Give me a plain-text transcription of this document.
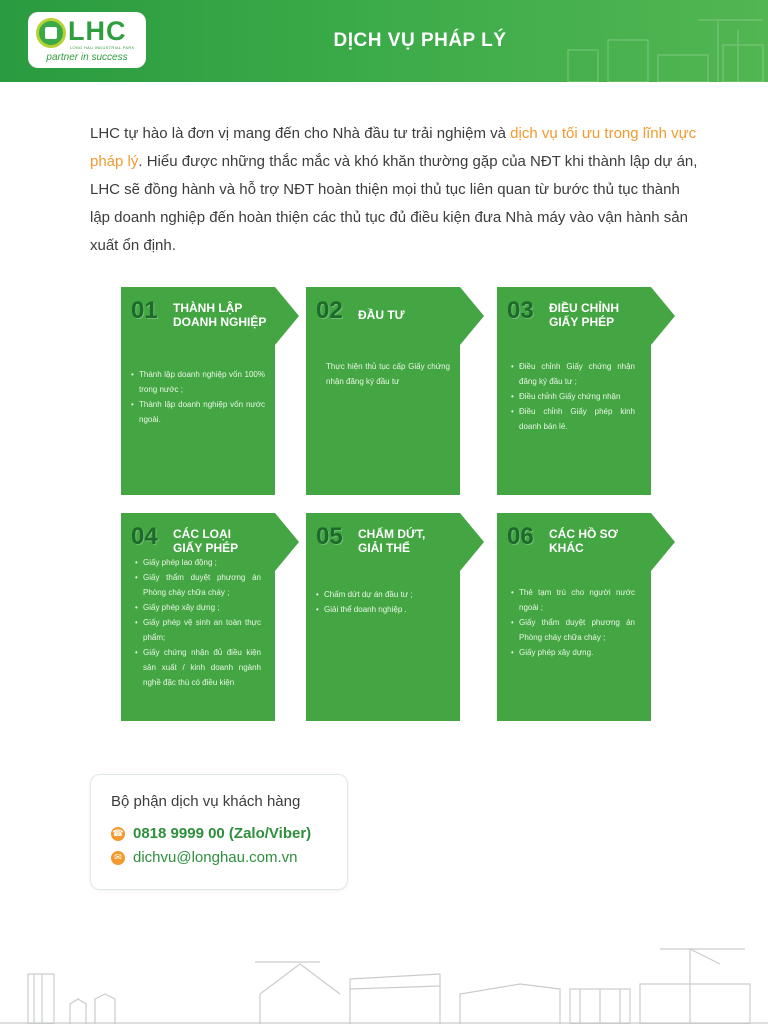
LHC
LONG HAU INDUSTRIAL PARK
partner in success
DỊCH VỤ PHÁP LÝ
LHC tự hào là đơn vị mang đến cho Nhà đầu tư trải nghiệm và dịch vụ tối ưu trong lĩnh vực pháp lý. Hiểu được những thắc mắc và khó khăn thường gặp của NĐT khi thành lập dự án, LHC sẽ đồng hành và hỗ trợ NĐT hoàn thiện mọi thủ tục liên quan từ bước thủ tục thành lập doanh nghiệp đến hoàn thiện các thủ tục đủ điều kiện đưa Nhà máy vào vận hành sản xuất ổn định.
01 THÀNH LẬP DOANH NGHIỆP
• Thành lập doanh nghiệp vốn 100% trong nước ;
• Thành lập doanh nghiệp vốn nước ngoài.
02 ĐẦU TƯ

Thực hiện thủ tục cấp Giấy chứng nhận đăng ký đầu tư

03 ĐIỀU CHỈNH GIẤY PHÉP
• Điều chỉnh Giấy chứng nhận đăng ký đầu tư ;
• Điều chỉnh Giấy chứng nhận
• Điều chỉnh Giấy phép kinh doanh bán lẻ.
04 CÁC LOẠI GIẤY PHÉP
• Giấy phép lao động ;
• Giấy thẩm duyệt phương án Phòng cháy chữa cháy ;
• Giấy phép xây dựng ;
• Giấy phép vệ sinh an toàn thực phẩm;
• Giấy chứng nhận đủ điều kiện sản xuất / kinh doanh ngành nghề đặc thù có điều kiện
05 CHẤM DỨT, GIẢI THỂ
• Chấm dứt dự án đầu tư ;
• Giải thể doanh nghiệp .
06 CÁC HỒ SƠ KHÁC
• Thẻ tạm trú cho người nước ngoài ;
• Giấy thẩm duyệt phương án Phòng cháy chữa cháy ;
• Giấy phép xây dựng.
Bộ phận dịch vụ khách hàng
☎ 0818 9999 00 (Zalo/Viber)
✉ dichvu@longhau.com.vn
